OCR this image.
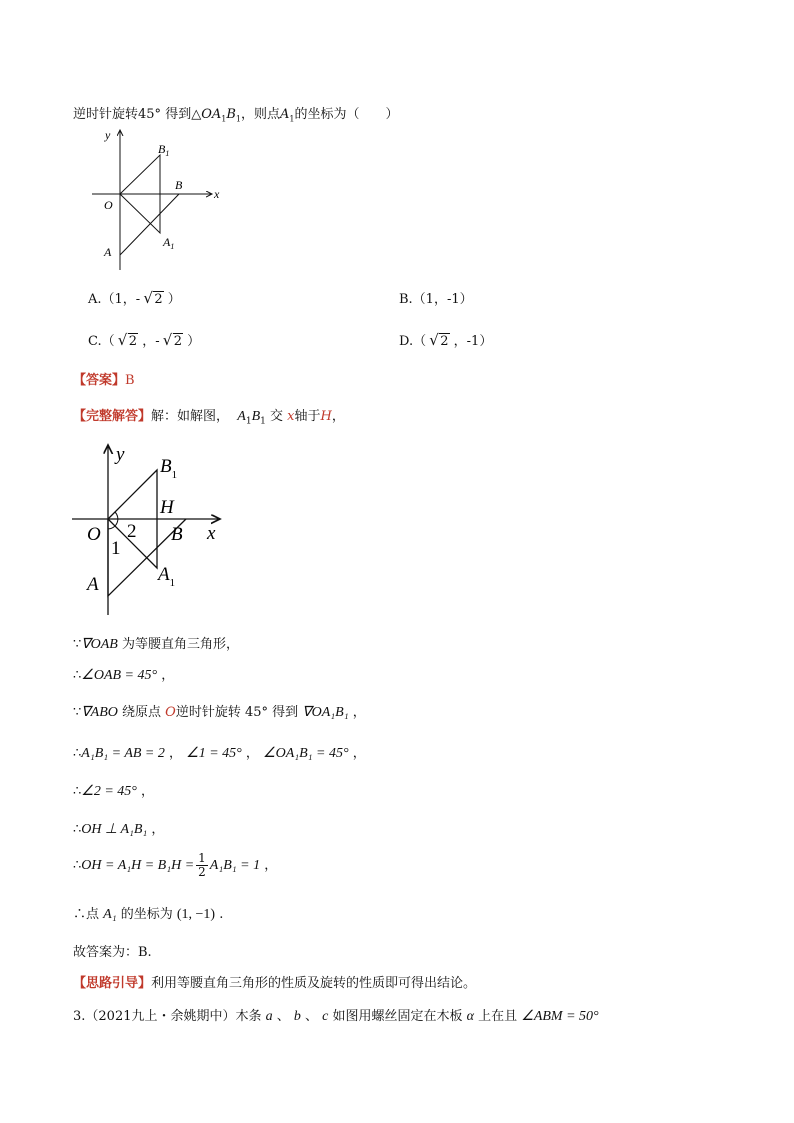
逆时针旋转45° 得到$\triangle OA_1B_1$，则点$A_1$的坐标为（　　）
y
x
O
A
B
$B_1$
$A_1$
A.（1，- √ 2 ）	B.（1，-1）
C.（ √ 2 ，- √ 2 ）	D.（ √ 2 ，-1）
【答案】B
【完整解答】解：如解图， $A_1B_1$ 交 x轴于H，
y
x
O
A
B
H
$B_1$
$A_1$
1
2
∵∇OAB 为等腰直角三角形，
∴∠OAB = 45° ，
∵∇ABO 绕原点 O逆时针旋转 45° 得到 ∇OA₁B₁ ，
∴A₁B₁ = AB = 2 ， ∠1 = 45° ， ∠OA₁B₁ = 45° ，
∴∠2 = 45° ，
∴OH ⊥ A₁B₁ ，
∴OH = $A_1H = B_1H = \frac{1}{2} A_1B_1 = 1$ ，
∴点 A₁ 的坐标为 (1, −1) .
故答案为：B.
【思路引导】利用等腰直角三角形的性质及旋转的性质即可得出结论。
3.（2021九上・余姚期中）木条 a 、 b 、 c 如图用螺丝固定在木板 α 上在且 ∠ABM = 50°
